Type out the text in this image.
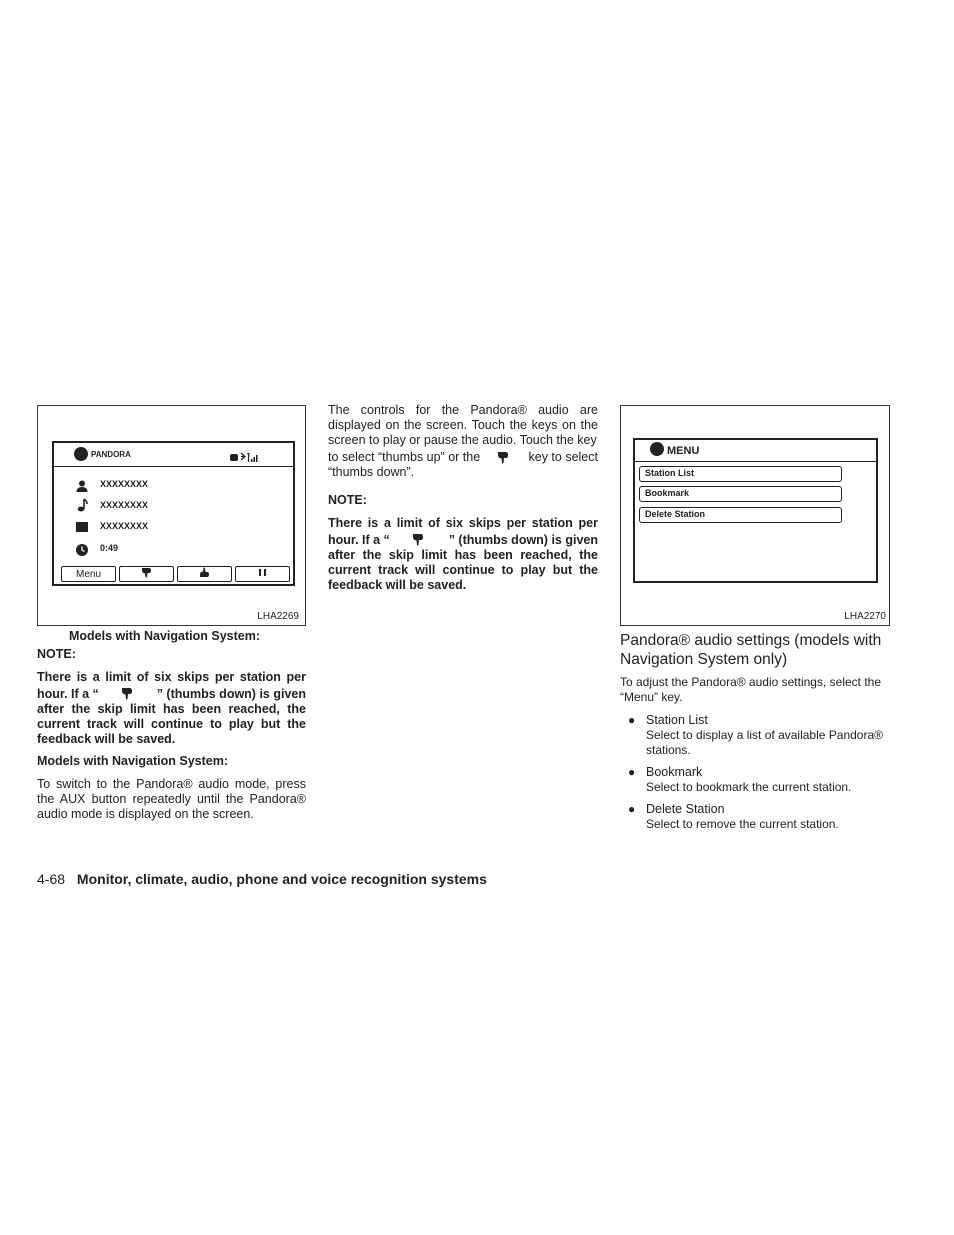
PANDORA
XXXXXXXX
XXXXXXXX
XXXXXXXX
0:49
Menu
LHA2269
Models with Navigation System:
NOTE:
There is a limit of six skips per station per
hour. If a “	” (thumbs down) is given
after the skip limit has been reached, the current track will continue to play but the feedback will be saved.
Models with Navigation System:
To switch to the Pandora® audio mode, press the AUX button repeatedly until the Pandora® audio mode is displayed on the screen.
The controls for the Pandora® audio are displayed on the screen. Touch the keys on the screen to play or pause the audio. Touch the key
to select “thumbs up” or the	key to select
“thumbs down”.
NOTE:
There is a limit of six skips per station per
hour. If a “	” (thumbs down) is given
after the skip limit has been reached, the current track will continue to play but the feedback will be saved.
MENU
Station List
Bookmark
Delete Station
LHA2270
Pandora® audio settings (models with Navigation System only)
To adjust the Pandora® audio settings, select the “Menu” key.
● Station List
Select to display a list of available Pandora® stations.
● Bookmark
Select to bookmark the current station.
● Delete Station
Select to remove the current station.
4-68 Monitor, climate, audio, phone and voice recognition systems
